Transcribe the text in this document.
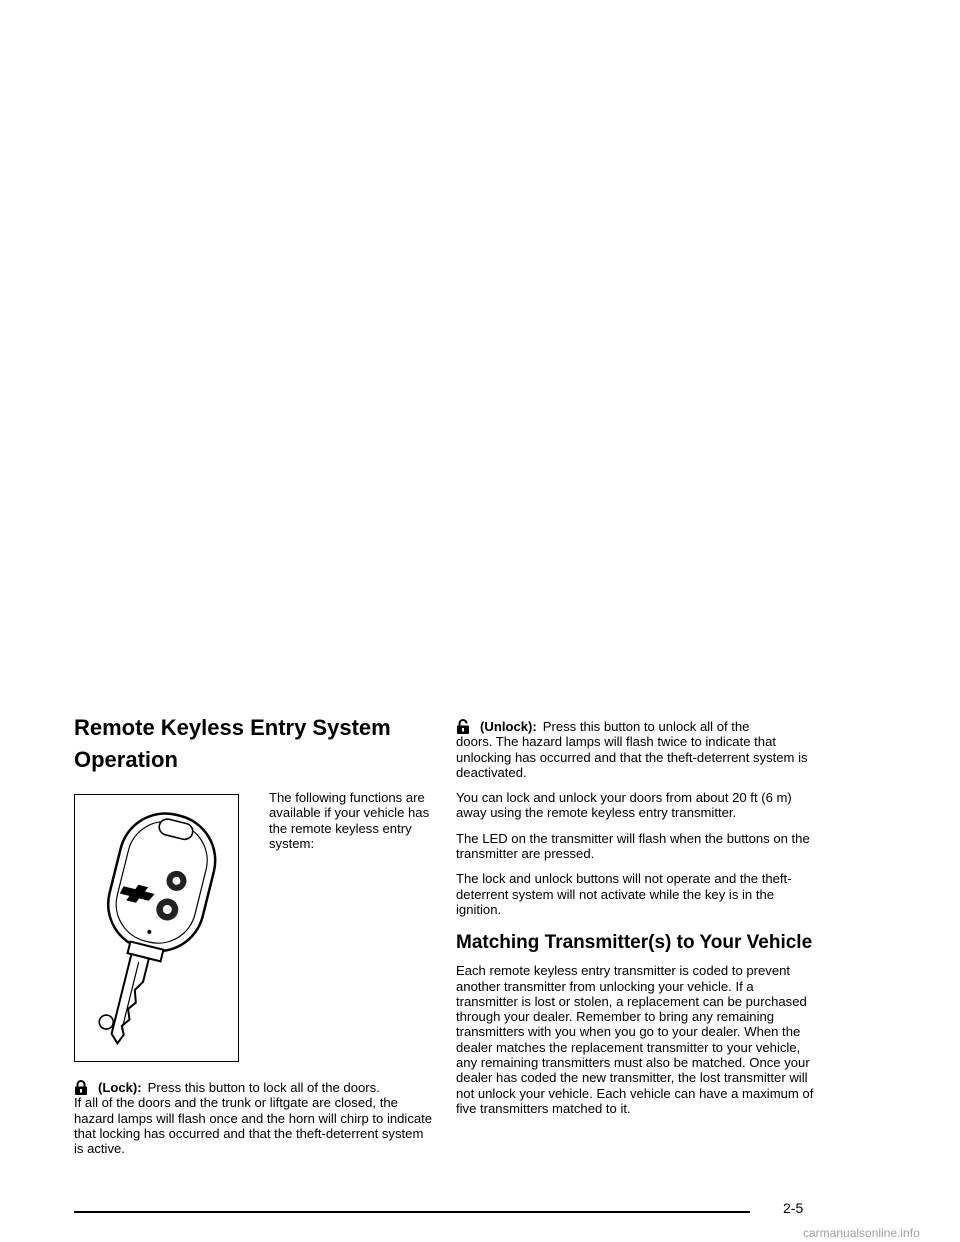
Remote Keyless Entry System
Operation

The following functions are available if your vehicle has the remote keyless entry system:

(Lock): Press this button to lock all of the doors.
If all of the doors and the trunk or liftgate are closed, the hazard lamps will flash once and the horn will chirp to indicate that locking has occurred and that the theft-deterrent system is active.

(Unlock): Press this button to unlock all of the
doors. The hazard lamps will flash twice to indicate that unlocking has occurred and that the theft-deterrent system is deactivated.

You can lock and unlock your doors from about 20 ft (6 m) away using the remote keyless entry transmitter.

The LED on the transmitter will flash when the buttons on the transmitter are pressed.

The lock and unlock buttons will not operate and the theft-deterrent system will not activate while the key is in the ignition.

Matching Transmitter(s) to Your Vehicle

Each remote keyless entry transmitter is coded to prevent another transmitter from unlocking your vehicle. If a transmitter is lost or stolen, a replacement can be purchased through your dealer. Remember to bring any remaining transmitters with you when you go to your dealer. When the dealer matches the replacement transmitter to your vehicle, any remaining transmitters must also be matched. Once your dealer has coded the new transmitter, the lost transmitter will not unlock your vehicle. Each vehicle can have a maximum of five transmitters matched to it.

2-5
carmanualsonline.info
